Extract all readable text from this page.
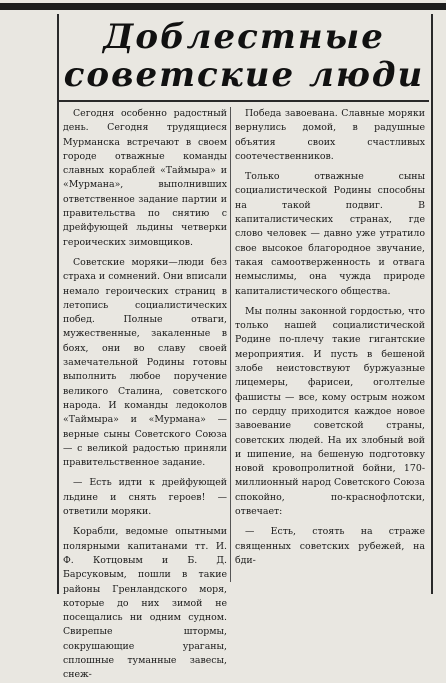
Доблестные
советские люди

Сегодня особенно радостный день. Сегодня трудящиеся Мурманска встречают в своем городе отважные команды славных кораблей «Таймыра» и «Мурмана», выполнивших ответственное задание партии и правительства по снятию с дрейфующей льдины четверки героических зимовщиков.

Советские моряки—люди без страха и сомнений. Они вписали немало героических страниц в летопись социалистических побед. Полные отваги, мужественные, закаленные в боях, они во славу своей замечательной Родины готовы выполнить любое поручение великого Сталина, советского народа. И команды ледоколов «Таймыра» и «Мурмана» — верные сыны Советского Союза — с великой радостью приняли правительственное задание.

— Есть идти к дрейфующей льдине и снять героев! — ответили моряки.

Корабли, ведомые опытными полярными капитанами тт. И. Ф. Котцовым и Б. Д. Барсуковым, пошли в такие районы Гренландского моря, которые до них зимой не посещались ни одним судном. Свирепые штормы, сокрушающие ураганы, сплошные туманные завесы, снеж-

Победа завоевана. Славные моряки вернулись домой, в радушные объятия своих счастливых соотечественников.

Только отважные сыны социалистической Родины способны на такой подвиг. В капиталистических странах, где слово человек — давно уже утратило свое высокое благородное звучание, такая самоотверженность и отвага немыслимы, она чужда природе капиталистического общества.

Мы полны законной гордостью, что только нашей социалистической Родине по-плечу такие гигантские мероприятия. И пусть в бешеной злобе неистовствуют буржуазные лицемеры, фарисеи, оголтелые фашисты — все, кому острым ножом по сердцу приходится каждое новое завоевание советской страны, советских людей. На их злобный вой и шипение, на бешеную подготовку новой кровопролитной бойни, 170-миллионный народ Советского Союза спокойно, по-краснофлотски, отвечает:

— Есть, стоять на страже священных советских рубежей, на бди-
